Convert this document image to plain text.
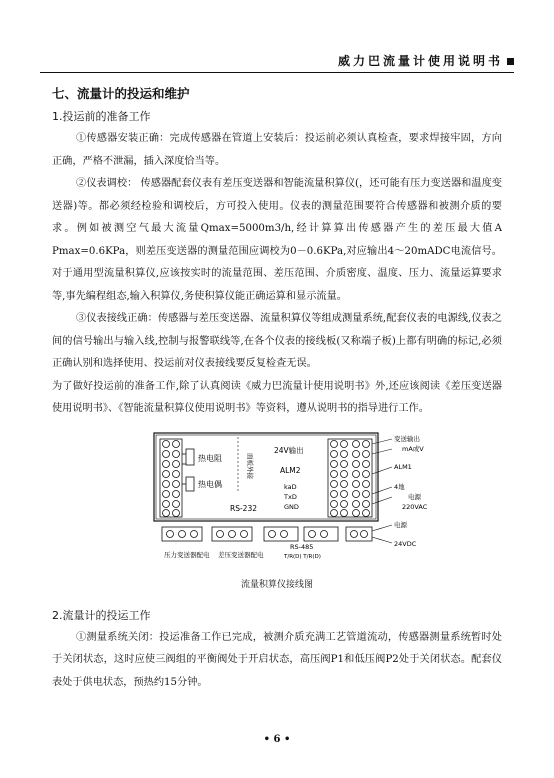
威力巴流量计使用说明书

七、流量计的投运和维护

1.投运前的准备工作

①传感器安装正确：完成传感器在管道上安装后：投运前必须认真检查，要求焊接牢固，方向正确，严格不泄漏，插入深度恰当等。

②仪表调校： 传感器配套仪表有差压变送器和智能流量积算仪(，还可能有压力变送器和温度变送器)等。都必须经检验和调校后，方可投入使用。仪表的测量范围要符合传感器和被测介质的要求。例如被测空气最大流量Qmax=5000m3/h,经计算算出传感器产生的差压最大值A Pmax=0.6KPa，则差压变送器的测量范围应调校为0－0.6KPa,对应输出4～20mADC电流信号。对于通用型流量积算仪,应该按实时的流量范围、差压范围、介质密度、温度、压力、流量运算要求等,事先编程组态,输入积算仪,务使积算仪能正确运算和显示流量。

③仪表接线正确：传感器与差压变送器、流量积算仪等组成测量系统,配套仪表的电源线,仪表之间的信号输出与输入线,控制与报警联线等,在各个仪表的接线板(又称端子板)上都有明确的标记,必须正确认别和选择使用、投运前对仪表接线要反复检查无误。

为了做好投运前的准备工作,除了认真阅读《威力巴流量计使用说明书》外,还应该阅读《差压变送器使用说明书》、《智能流量积算仪使用说明书》等资料，遵从说明书的指导进行工作。

热电阻
热电偶
面板外接
RS-232
24V输出
ALM2
kaD
TxD
GND
变送输出
mA或V
ALM1
4地
电源
220VAC
电源
24VDC
压力变送器配电 差压变送器配电
RS-485
T/R(D) T/R(D)

流量积算仪接线图

2.流量计的投运工作

①测量系统关闭：投运准备工作已完成，被测介质充满工艺管道流动，传感器测量系统暂时处于关闭状态，这时应使三阀组的平衡阀处于开启状态，高压阀P1和低压阀P2处于关闭状态。配套仪表处于供电状态，预热约15分钟。

• 6 •
